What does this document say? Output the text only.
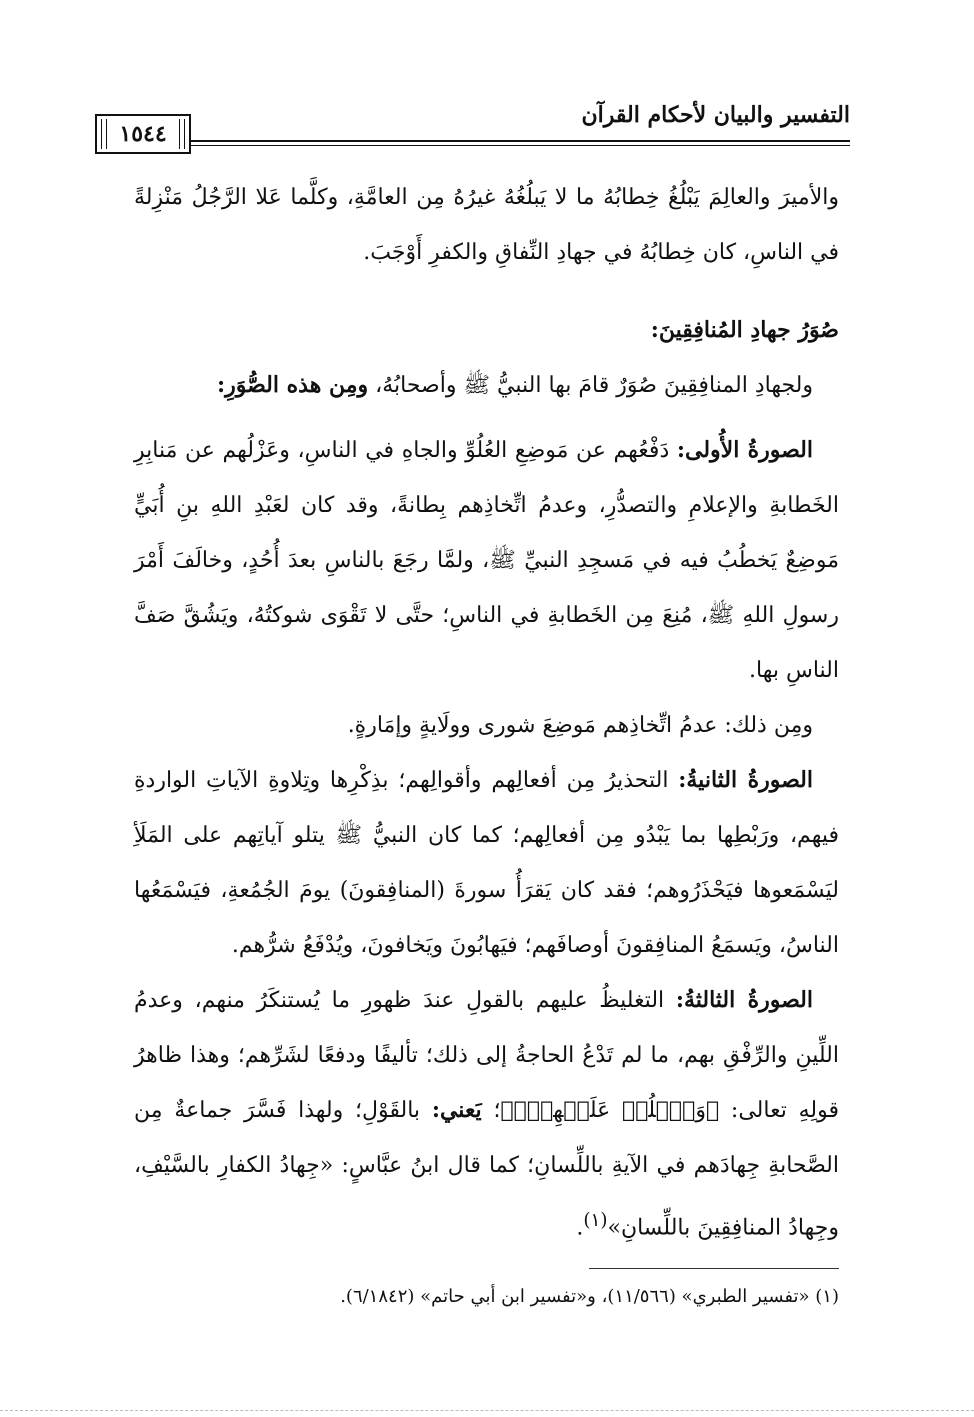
التفسير والبيان لأحكام القرآن
١٥٤٤

والأميرَ والعالِمَ يَبْلُغُ خِطابُهُ ما لا يَبلُغُهُ غيرُهُ مِن العامَّةِ، وكلَّما عَلا الرَّجُلُ مَنْزِلةً في الناسِ، كان خِطابُهُ في جهادِ النِّفاقِ والكفرِ أَوْجَبَ.

صُوَرُ جهادِ المُنافِقِينَ:

ولجهادِ المنافِقِينَ صُوَرٌ قامَ بها النبيُّ ﷺ وأصحابُهُ، ومِن هذه الصُّوَرِ:

الصورةُ الأُولى: دَفْعُهم عن مَوضِعِ العُلُوِّ والجاهِ في الناسِ، وعَزْلُهم عن مَنابِرِ الخَطابةِ والإعلامِ والتصدُّرِ، وعدمُ اتِّخاذِهم بِطانةً، وقد كان لعَبْدِ اللهِ بنِ أُبَيٍّ مَوضِعٌ يَخطُبُ فيه في مَسجِدِ النبيِّ ﷺ، ولمَّا رجَعَ بالناسِ بعدَ أُحُدٍ، وخالَفَ أَمْرَ رسولِ اللهِ ﷺ، مُنِعَ مِن الخَطابةِ في الناسِ؛ حتَّى لا تَقْوَى شوكتُهُ، ويَشُقَّ صَفَّ الناسِ بها.

ومِن ذلك: عدمُ اتِّخاذِهم مَوضِعَ شورى وولَايةٍ وإمَارةٍ.

الصورةُ الثانيةُ: التحذيرُ مِن أفعالِهم وأقوالِهم؛ بذِكْرِها وتِلاوةِ الآياتِ الواردةِ فيهم، ورَبْطِها بما يَبْدُو مِن أفعالِهم؛ كما كان النبيُّ ﷺ يتلو آياتِهم على المَلَأِ ليَسْمَعوها فيَحْذَرُوهم؛ فقد كان يَقرَأُ سورةَ (المنافِقونَ) يومَ الجُمُعةِ، فيَسْمَعُها الناسُ، ويَسمَعُ المنافِقونَ أوصافَهم؛ فيَهابُونَ ويَخافونَ، ويُدْفَعُ شرُّهم.

الصورةُ الثالثةُ: التغليظُ عليهم بالقولِ عندَ ظهورِ ما يُستنكَرُ منهم، وعدمُ اللِّينِ والرِّفْقِ بهم، ما لم تَدْعُ الحاجةُ إلى ذلك؛ تأليفًا ودفعًا لشَرِّهم؛ وهذا ظاهرُ قولِهِ تعالى: ﴿وَٱغۡلُظۡ عَلَيۡهِمۡۚ﴾؛ يَعني: بالقَوْلِ؛ ولهذا فَسَّرَ جماعةٌ مِن الصَّحابةِ جِهادَهم في الآيةِ باللِّسانِ؛ كما قال ابنُ عبَّاسٍ: «جِهادُ الكفارِ بالسَّيْفِ، وجِهادُ المنافِقِينَ باللِّسانِ»$^{(١)}$.

(١) «تفسير الطبري» (١١/٥٦٦)، و«تفسير ابن أبي حاتم» (٦/١٨٤٢).
